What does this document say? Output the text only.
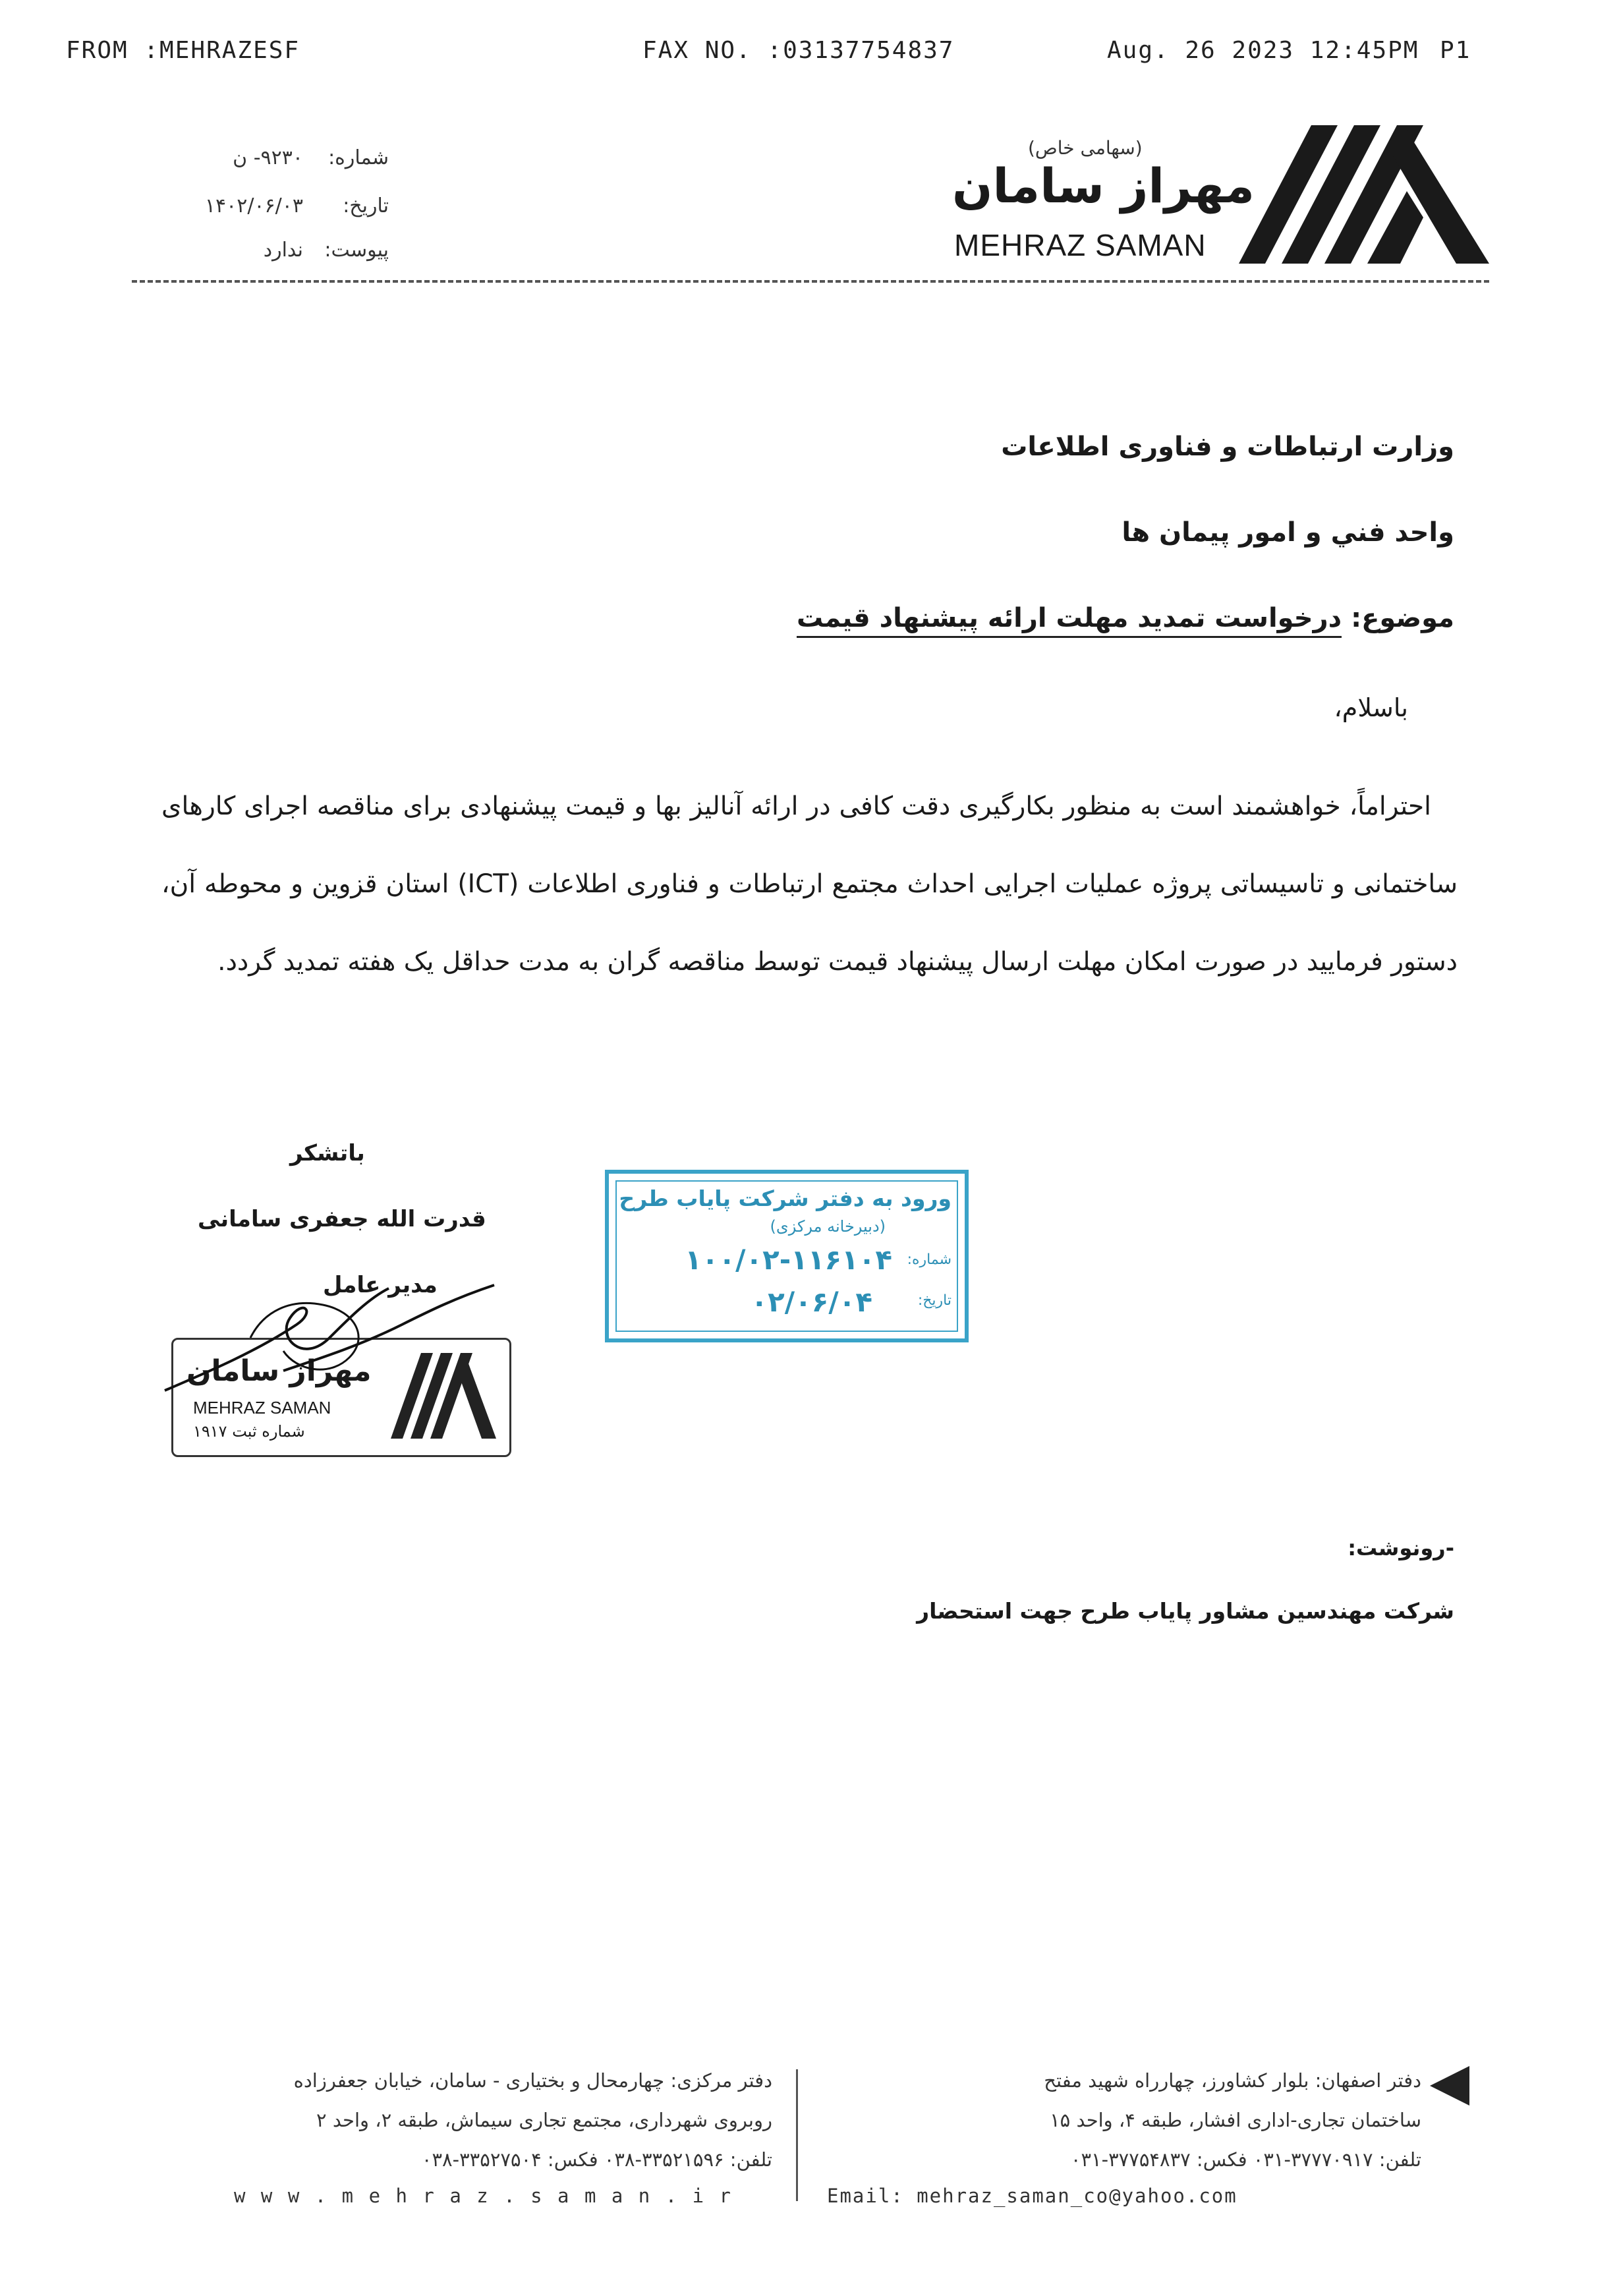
FROM :MEHRAZESF	FAX NO. :03137754837	Aug. 26 2023 12:45PM P1
(سهامی خاص)
مهراز سامان
MEHRAZ SAMAN
شماره:
۹۲۳۰- ن
تاریخ:
۱۴۰۲/۰۶/۰۳
پیوست:
ندارد
وزارت ارتباطات و فناوری اطلاعات
واحد فني و امور پيمان ها
موضوع: درخواست تمدید مهلت ارائه پیشنهاد قیمت
باسلام،
احتراماً، خواهشمند است به منظور بکارگیری دقت کافی در ارائه آنالیز بها و قیمت پیشنهادی برای مناقصه اجرای کارهای ساختمانی و تاسیساتی پروژه عملیات اجرایی احداث مجتمع ارتباطات و فناوری اطلاعات (ICT) استان قزوین و محوطه آن، دستور فرمایید در صورت امکان مهلت ارسال پیشنهاد قیمت توسط مناقصه گران به مدت حداقل یک هفته تمدید گردد.
باتشکر
قدرت الله جعفری سامانی
مدیر عامل
مهراز سامان
MEHRAZ SAMAN
شماره ثبت ۱۹۱۷
ورود به دفتر شرکت پایاب طرح
(دبیرخانه مرکزی)
شماره:
۱۰۰/۰۲-۱۱۶۱۰۴
تاریخ:
۰۲/۰۶/۰۴
-رونوشت:
شرکت مهندسین مشاور پایاب طرح جهت استحضار
دفتر مرکزی: چهارمحال و بختیاری - سامان، خیابان جعفرزاده
روبروی شهرداری، مجتمع تجاری سیماش، طبقه ۲، واحد ۲
تلفن: ۳۳۵۲۱۵۹۶-۰۳۸ فکس: ۳۳۵۲۷۵۰۴-۰۳۸
w w w . m e h r a z . s a m a n . i r
دفتر اصفهان: بلوار کشاورز، چهارراه شهید مفتح
ساختمان تجاری-اداری افشار، طبقه ۴، واحد ۱۵
تلفن: ۳۷۷۷۰۹۱۷-۰۳۱ فکس: ۳۷۷۵۴۸۳۷-۰۳۱
Email: mehraz_saman_co@yahoo.com
